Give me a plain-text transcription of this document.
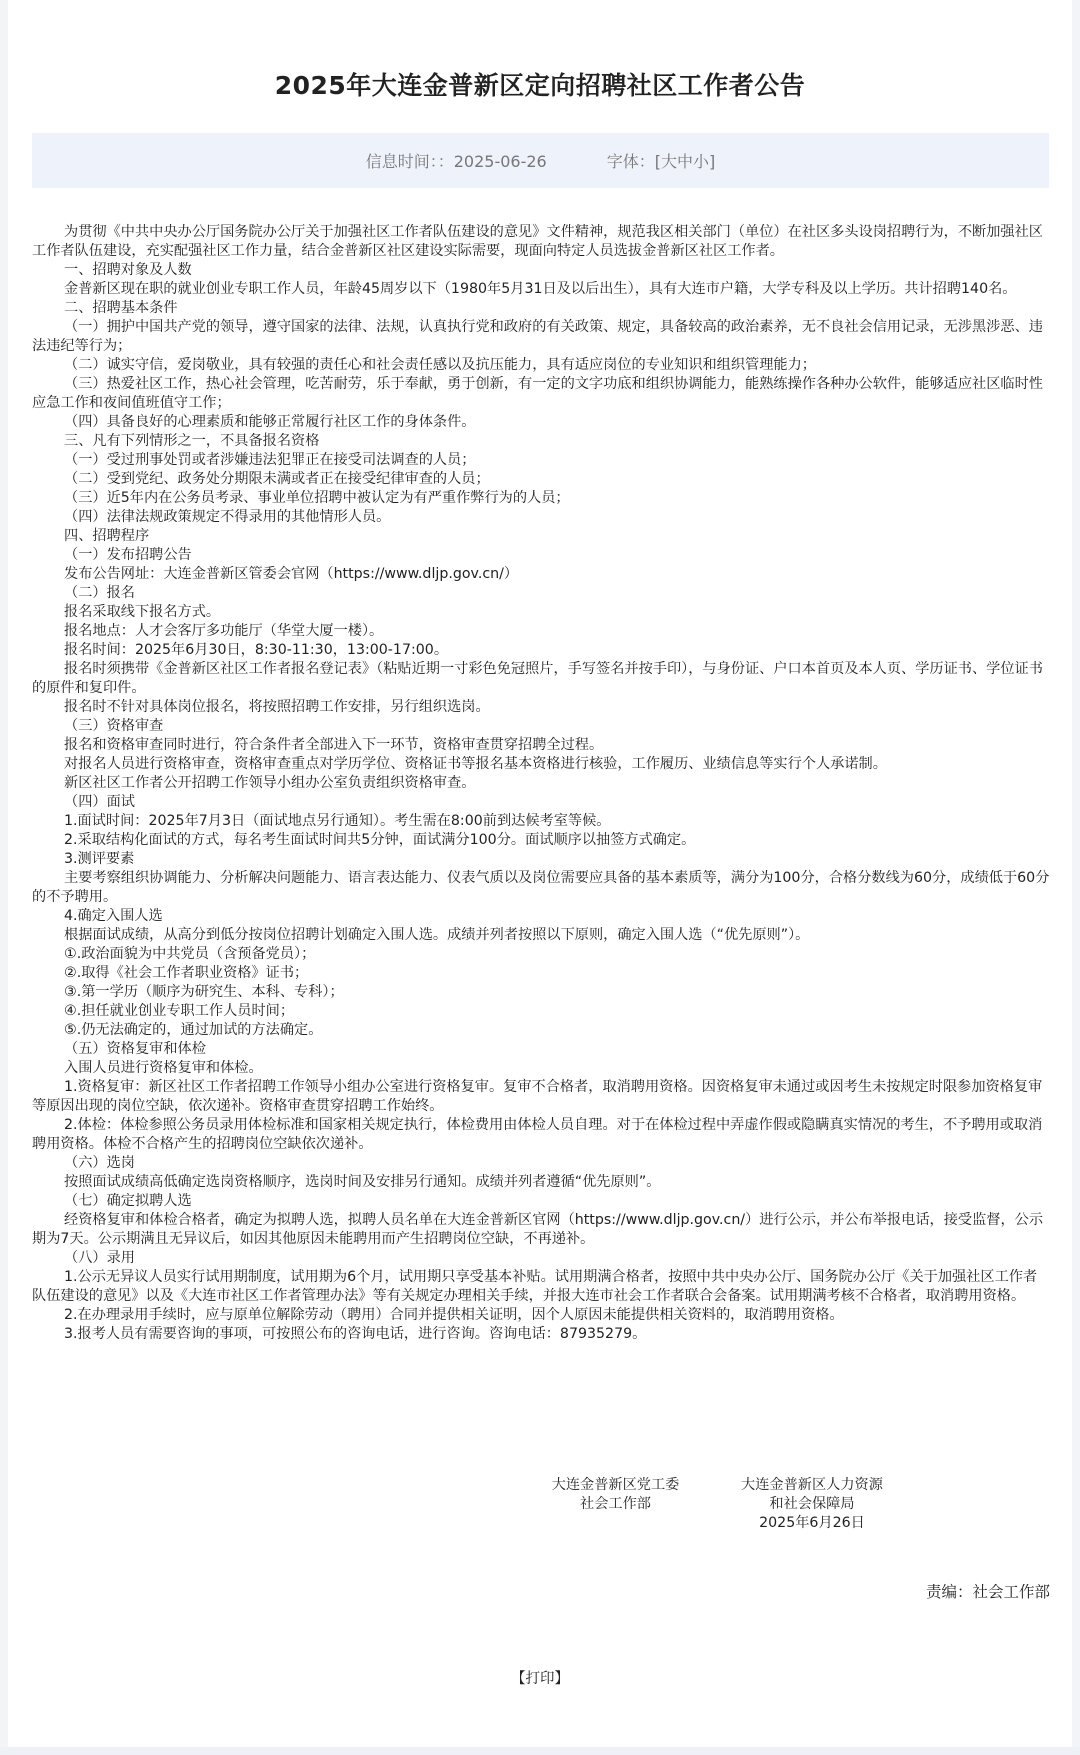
2025年大连金普新区定向招聘社区工作者公告
信息时间：：2025-06-26	字体：[大中小]

为贯彻《中共中央办公厅国务院办公厅关于加强社区工作者队伍建设的意见》文件精神，规范我区相关部门（单位）在社区多头设岗招聘行为，不断加强社区工作者队伍建设，充实配强社区工作力量，结合金普新区社区建设实际需要，现面向特定人员选拔金普新区社区工作者。

一、招聘对象及人数

金普新区现在职的就业创业专职工作人员，年龄45周岁以下（1980年5月31日及以后出生），具有大连市户籍，大学专科及以上学历。共计招聘140名。

二、招聘基本条件

（一）拥护中国共产党的领导，遵守国家的法律、法规，认真执行党和政府的有关政策、规定，具备较高的政治素养，无不良社会信用记录，无涉黑涉恶、违法违纪等行为；

（二）诚实守信，爱岗敬业，具有较强的责任心和社会责任感以及抗压能力，具有适应岗位的专业知识和组织管理能力；

（三）热爱社区工作，热心社会管理，吃苦耐劳，乐于奉献，勇于创新，有一定的文字功底和组织协调能力，能熟练操作各种办公软件，能够适应社区临时性应急工作和夜间值班值守工作；

（四）具备良好的心理素质和能够正常履行社区工作的身体条件。

三、凡有下列情形之一，不具备报名资格

（一）受过刑事处罚或者涉嫌违法犯罪正在接受司法调查的人员；

（二）受到党纪、政务处分期限未满或者正在接受纪律审查的人员；

（三）近5年内在公务员考录、事业单位招聘中被认定为有严重作弊行为的人员；

（四）法律法规政策规定不得录用的其他情形人员。

四、招聘程序

（一）发布招聘公告

发布公告网址：大连金普新区管委会官网（https://www.dljp.gov.cn/）

（二）报名

报名采取线下报名方式。

报名地点：人才会客厅多功能厅（华堂大厦一楼）。

报名时间：2025年6月30日，8:30-11:30，13:00-17:00。

报名时须携带《金普新区社区工作者报名登记表》（粘贴近期一寸彩色免冠照片，手写签名并按手印），与身份证、户口本首页及本人页、学历证书、学位证书的原件和复印件。

报名时不针对具体岗位报名，将按照招聘工作安排，另行组织选岗。

（三）资格审查

报名和资格审查同时进行，符合条件者全部进入下一环节，资格审查贯穿招聘全过程。

对报名人员进行资格审查，资格审查重点对学历学位、资格证书等报名基本资格进行核验，工作履历、业绩信息等实行个人承诺制。

新区社区工作者公开招聘工作领导小组办公室负责组织资格审查。

（四）面试

1.面试时间：2025年7月3日（面试地点另行通知）。考生需在8:00前到达候考室等候。

2.采取结构化面试的方式，每名考生面试时间共5分钟，面试满分100分。面试顺序以抽签方式确定。

3.测评要素

主要考察组织协调能力、分析解决问题能力、语言表达能力、仪表气质以及岗位需要应具备的基本素质等，满分为100分，合格分数线为60分，成绩低于60分的不予聘用。

4.确定入围人选

根据面试成绩，从高分到低分按岗位招聘计划确定入围人选。成绩并列者按照以下原则，确定入围人选（“优先原则”）。

①.政治面貌为中共党员（含预备党员）；

②.取得《社会工作者职业资格》证书；

③.第一学历（顺序为研究生、本科、专科）；

④.担任就业创业专职工作人员时间；

⑤.仍无法确定的，通过加试的方法确定。

（五）资格复审和体检

入围人员进行资格复审和体检。

1.资格复审：新区社区工作者招聘工作领导小组办公室进行资格复审。复审不合格者，取消聘用资格。因资格复审未通过或因考生未按规定时限参加资格复审等原因出现的岗位空缺，依次递补。资格审查贯穿招聘工作始终。

2.体检：体检参照公务员录用体检标准和国家相关规定执行，体检费用由体检人员自理。对于在体检过程中弄虚作假或隐瞒真实情况的考生，不予聘用或取消聘用资格。体检不合格产生的招聘岗位空缺依次递补。

（六）选岗

按照面试成绩高低确定选岗资格顺序，选岗时间及安排另行通知。成绩并列者遵循“优先原则”。

（七）确定拟聘人选

经资格复审和体检合格者，确定为拟聘人选，拟聘人员名单在大连金普新区官网（https://www.dljp.gov.cn/）进行公示，并公布举报电话，接受监督，公示期为7天。公示期满且无异议后，如因其他原因未能聘用而产生招聘岗位空缺，不再递补。

（八）录用

1.公示无异议人员实行试用期制度，试用期为6个月，试用期只享受基本补贴。试用期满合格者，按照中共中央办公厅、国务院办公厅《关于加强社区工作者队伍建设的意见》以及《大连市社区工作者管理办法》等有关规定办理相关手续，并报大连市社会工作者联合会备案。试用期满考核不合格者，取消聘用资格。

2.在办理录用手续时，应与原单位解除劳动（聘用）合同并提供相关证明，因个人原因未能提供相关资料的，取消聘用资格。

3.报考人员有需要咨询的事项，可按照公布的咨询电话，进行咨询。咨询电话：87935279。

大连金普新区党工委
社会工作部
大连金普新区人力资源
和社会保障局
2025年6月26日
责编：社会工作部
【打印】
